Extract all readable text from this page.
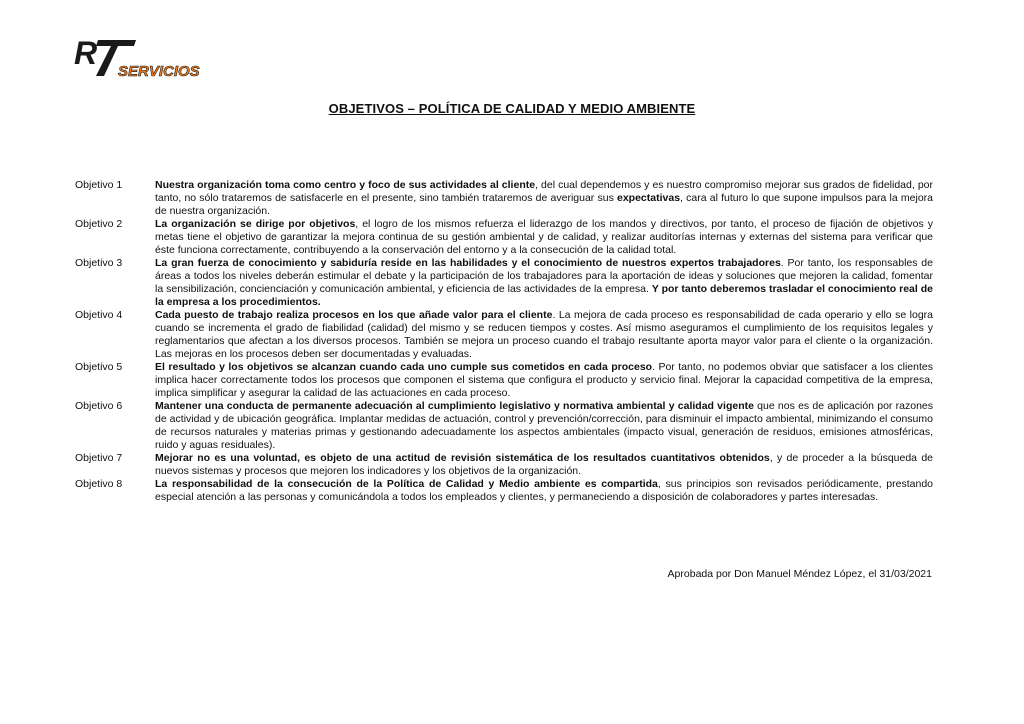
R
SERVICIOS
OBJETIVOS – POLÍTICA DE CALIDAD Y MEDIO AMBIENTE
Objetivo 1	Nuestra organización toma como centro y foco de sus actividades al cliente, del cual dependemos y es nuestro compromiso mejorar sus grados de fidelidad, por tanto, no sólo trataremos de satisfacerle en el presente, sino también trataremos de averiguar sus expectativas, cara al futuro lo que supone impulsos para la mejora de nuestra organización.
Objetivo 2	La organización se dirige por objetivos, el logro de los mismos refuerza el liderazgo de los mandos y directivos, por tanto, el proceso de fijación de objetivos y metas tiene el objetivo de garantizar la mejora continua de su gestión ambiental y de calidad, y realizar auditorías internas y externas del sistema para verificar que éste funciona correctamente, contribuyendo a la conservación del entorno y a la consecución de la calidad total.
Objetivo 3	La gran fuerza de conocimiento y sabiduría reside en las habilidades y el conocimiento de nuestros expertos trabajadores. Por tanto, los responsables de áreas a todos los niveles deberán estimular el debate y la participación de los trabajadores para la aportación de ideas y soluciones que mejoren la calidad, fomentar la sensibilización, concienciación y comunicación ambiental, y eficiencia de las actividades de la empresa. Y por tanto deberemos trasladar el conocimiento real de la empresa a los procedimientos.
Objetivo 4	Cada puesto de trabajo realiza procesos en los que añade valor para el cliente. La mejora de cada proceso es responsabilidad de cada operario y ello se logra cuando se incrementa el grado de fiabilidad (calidad) del mismo y se reducen tiempos y costes. Así mismo aseguramos el cumplimiento de los requisitos legales y reglamentarios que afectan a los diversos procesos. También se mejora un proceso cuando el trabajo resultante aporta mayor valor para el cliente o la organización. Las mejoras en los procesos deben ser documentadas y evaluadas.
Objetivo 5	El resultado y los objetivos se alcanzan cuando cada uno cumple sus cometidos en cada proceso. Por tanto, no podemos obviar que satisfacer a los clientes implica hacer correctamente todos los procesos que componen el sistema que configura el producto y servicio final. Mejorar la capacidad competitiva de la empresa, implica simplificar y asegurar la calidad de las actuaciones en cada proceso.
Objetivo 6	Mantener una conducta de permanente adecuación al cumplimiento legislativo y normativa ambiental y calidad vigente que nos es de aplicación por razones de actividad y de ubicación geográfica. Implantar medidas de actuación, control y prevención/corrección, para disminuir el impacto ambiental, minimizando el consumo de recursos naturales y materias primas y gestionando adecuadamente los aspectos ambientales (impacto visual, generación de residuos, emisiones atmosféricas, ruido y aguas residuales).
Objetivo 7	Mejorar no es una voluntad, es objeto de una actitud de revisión sistemática de los resultados cuantitativos obtenidos, y de proceder a la búsqueda de nuevos sistemas y procesos que mejoren los indicadores y los objetivos de la organización.
Objetivo 8	La responsabilidad de la consecución de la Política de Calidad y Medio ambiente es compartida, sus principios son revisados periódicamente, prestando especial atención a las personas y comunicándola a todos los empleados y clientes, y permaneciendo a disposición de colaboradores y partes interesadas.
Aprobada por Don Manuel Méndez López, el 31/03/2021
